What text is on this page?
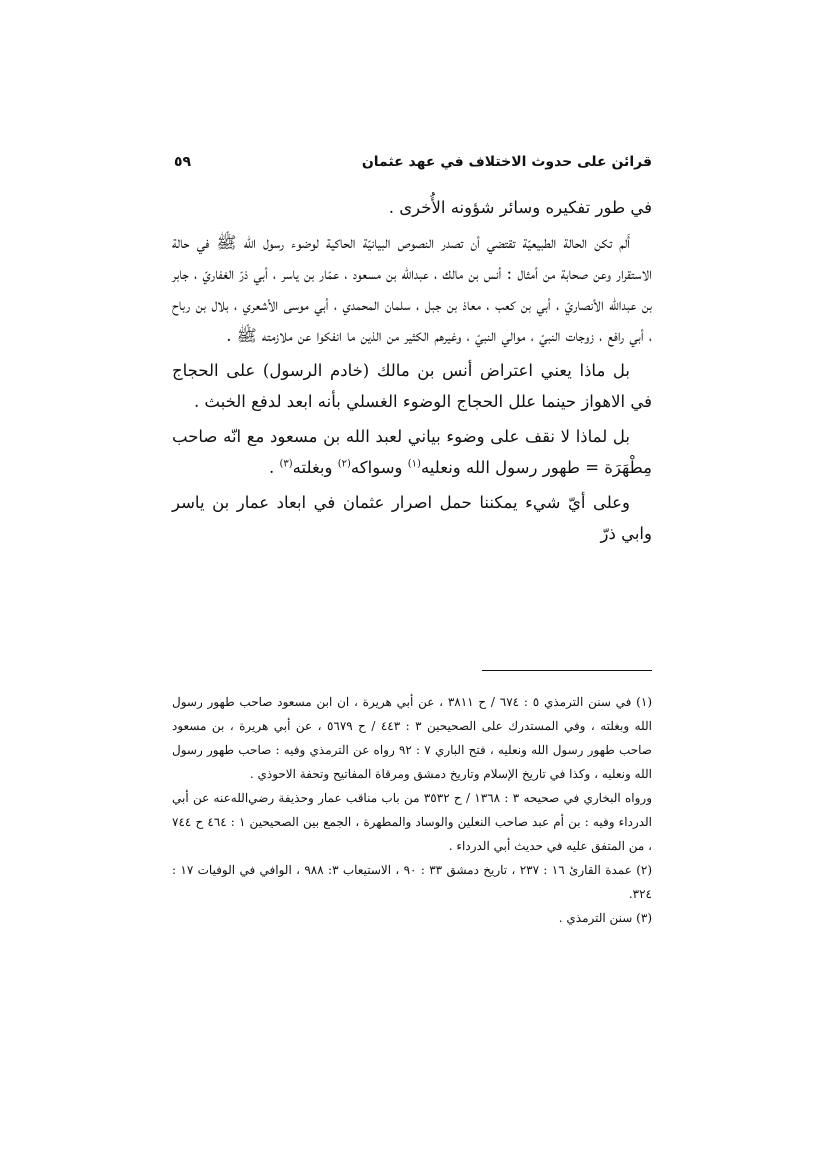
قرائن على حدوث الاختلاف في عهد عثمان
٥٩

في طور تفكيره وسائر شؤونه الأُخرى .

أَلم تكن الحالة الطبيعيّة تقتضي أن تصدر النصوص البيانيّة الحاكية لوضوء رسول الله ﷺ في حالة الاستقرار وعن صحابة من أمثال : أنس بن مالك ، عبدالله بن مسعود ، عمّار بن ياسر ، أبي ذرّ الغفاريّ ، جابر بن عبدالله الأنصاريّ ، أبي بن كعب ، معاذ بن جبل ، سلمان المحمدي ، أبي موسى الأشعري ، بلال بن رباح ، أبي رافع ، زوجات النبيّ ، موالي النبيّ ، وغيرهم الكثير من الذين ما انفكوا عن ملازمته ﷺ .

بل ماذا يعني اعتراض أنس بن مالك (خادم الرسول) على الحجاج في الاهواز حينما علل الحجاج الوضوء الغسلي بأنه ابعد لدفع الخبث .

بل لماذا لا نقف على وضوء بياني لعبد الله بن مسعود مع انّه صاحب مِطْهَرَة = طهور رسول الله ونعليه$^{(١)}$ وسواكه$^{(٢)}$ وبغلته$^{(٣)}$ .

وعلى أيّ شيء يمكننا حمل اصرار عثمان في ابعاد عمار بن ياسر وابي ذرّ

(١) في سنن الترمذي ٥ : ٦٧٤ / ح ٣٨١١ ، عن أبي هريرة ، ان ابن مسعود صاحب طهور رسول الله وبغلته ، وفي المستدرك على الصحيحين ٣ : ٤٤٣ / ح ٥٦٧٩ ، عن أبي هريرة ، بن مسعود صاحب طهور رسول الله ونعليه ، فتح الباري ٧ : ٩٢ رواه عن الترمذي وفيه : صاحب طهور رسول الله ونعليه ، وكذا في تاريخ الإسلام وتاريخ دمشق ومرقاة المفاتيح وتحفة الاحوذي .

ورواه البخاري في صحيحه ٣ : ١٣٦٨ / ح ٣٥٣٢ من باب مناقب عمار وحذيفة رضي‌الله‌عنه عن أبي الدرداء وفيه : بن أم عبد صاحب النعلين والوساد والمطهرة ، الجمع بين الصحيحين ١ : ٤٦٤ ح ٧٤٤ ، من المتفق عليه في حديث أبي الدرداء .

(٢) عمدة القارئ ١٦ : ٢٣٧ ، تاريخ دمشق ٣٣ : ٩٠ ، الاستيعاب ٣: ٩٨٨ ، الوافي في الوفيات ١٧ : ٣٢٤.

(٣) سنن الترمذي .
